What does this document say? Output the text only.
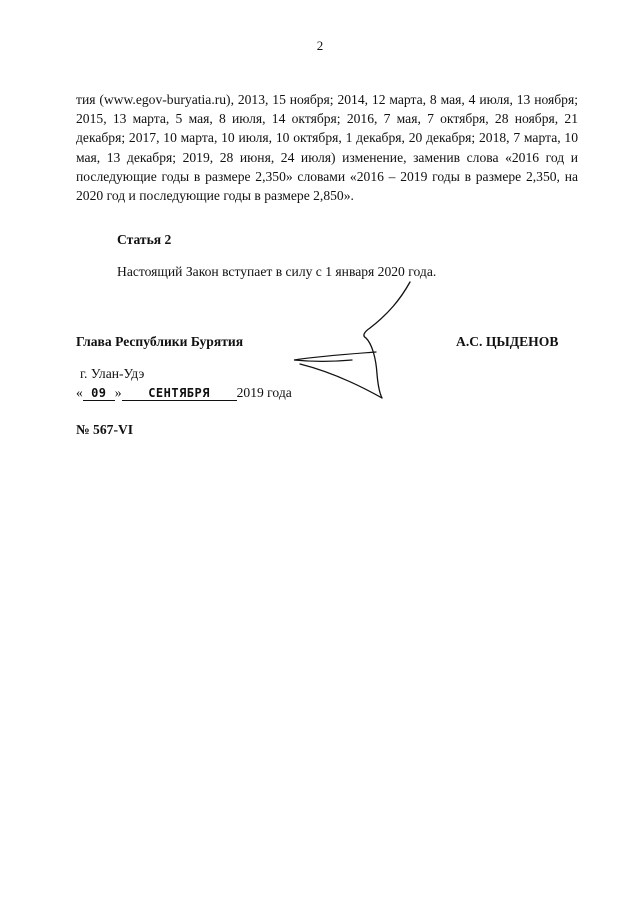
2

тия (www.egov-buryatia.ru), 2013, 15 ноября; 2014, 12 марта, 8 мая, 4 июля, 13 ноября; 2015, 13 марта, 5 мая, 8 июля, 14 октября; 2016, 7 мая, 7 октября, 28 ноября, 21 декабря; 2017, 10 марта, 10 июля, 10 октября, 1 декабря, 20 декабря; 2018, 7 марта, 10 мая, 13 декабря; 2019, 28 июня, 24 июля) изменение, заменив слова «2016 год и последующие годы в размере 2,350» словами «2016 – 2019 годы в размере 2,350, на 2020 год и последующие годы в размере 2,850».

Статья 2
Настоящий Закон вступает в силу с 1 января 2020 года.
Глава Республики Бурятия	А.С. ЦЫДЕНОВ
г. Улан-Удэ
« 09 » СЕНТЯБРЯ 2019 года
№ 567-VI
